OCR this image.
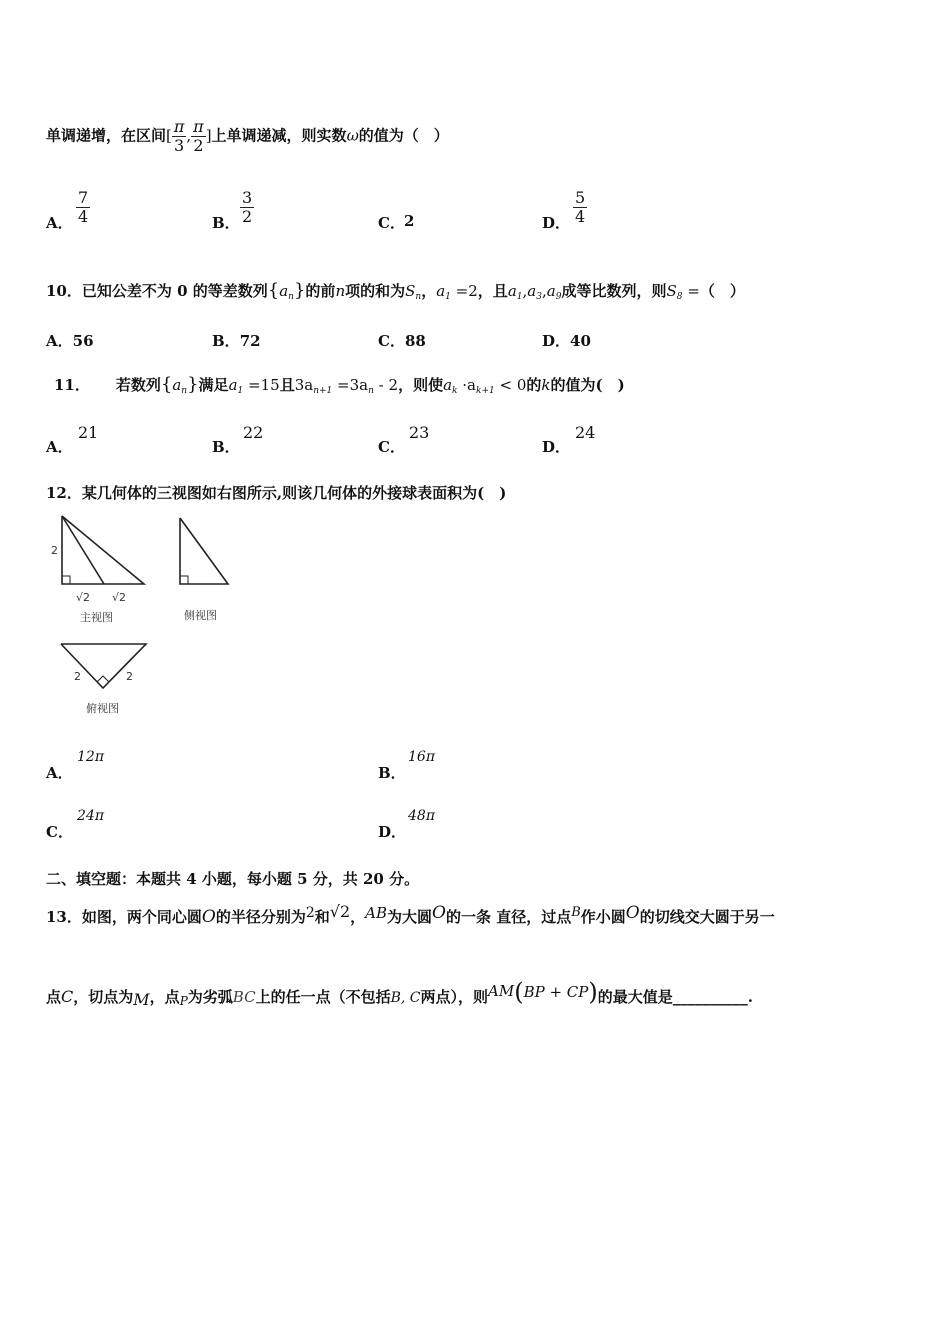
单调递增，在区间[ $\frac{\pi}{3}$ , $\frac{\pi}{2}$ ]上单调递减，则实数ω的值为（　）
A． $\frac{7}{4}$	B． $\frac{3}{2}$	C． 2	D． $\frac{5}{4}$
10．已知公差不为 0 的等差数列$\{a_n\}$的前n项的和为$S_n$，$a_1 =2$，且$a_1,a_3,a_9$成等比数列，则$S_8$ =（　）
A．56	B．72	C．88	D．40
11． 若数列$\{a_n\}$满足$a_1 =15$且$3a_{n+1} =3a_n - 2$，则使$a_k \cdot a_{k+1} < 0$的k的值为(　)
A．
21
B．
22
C．
23
D．
24
12．某几何体的三视图如右图所示,则该几何体的外接球表面积为(　)
2
√2 √2
主视图	侧视图
2	2
俯视图
A．
12π
B．
16π
C．
24π
D．
48π
二、填空题：本题共 4 小题，每小题 5 分，共 20 分。
13．如图，两个同心圆O的半径分别为2和√2，AB为大圆O的一条 直径，过点B作小圆O的切线交大圆于另一
点C，切点为M，点$_P$为劣弧BC上的任一点（不包括B, C两点），则AM(BP + CP)的最大值是__________.
